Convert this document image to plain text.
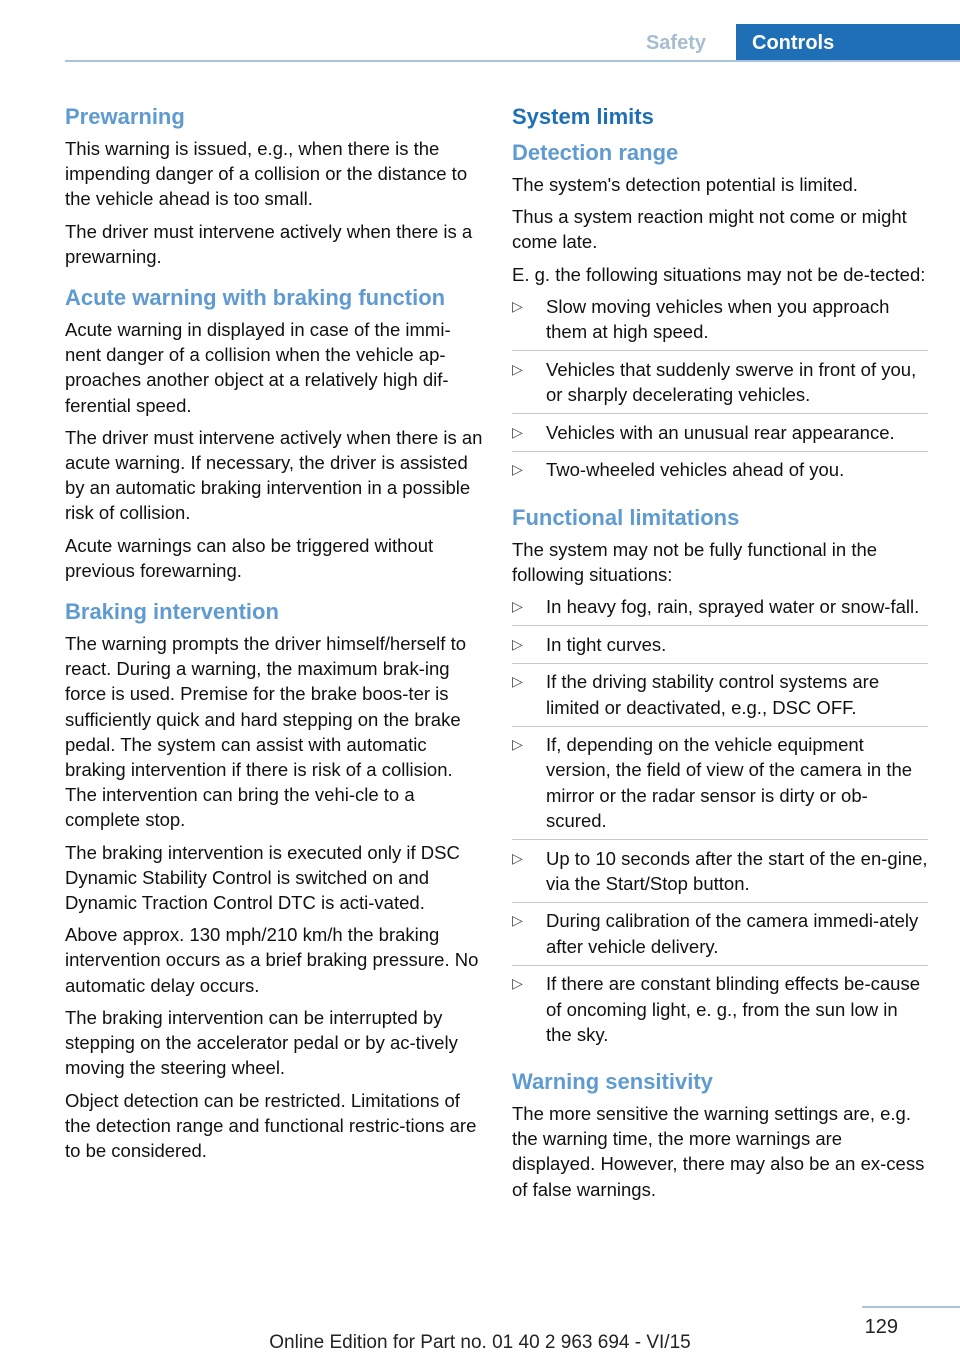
Safety	Controls
Prewarning

This warning is issued, e.g., when there is the impending danger of a collision or the distance to the vehicle ahead is too small.

The driver must intervene actively when there is a prewarning.

Acute warning with braking function

Acute warning in displayed in case of the immi‐nent danger of a collision when the vehicle ap‐proaches another object at a relatively high dif‐ferential speed.

The driver must intervene actively when there is an acute warning. If necessary, the driver is assisted by an automatic braking intervention in a possible risk of collision.

Acute warnings can also be triggered without previous forewarning.

Braking intervention

The warning prompts the driver himself/herself to react. During a warning, the maximum brak‐ing force is used. Premise for the brake boos‐ter is sufficiently quick and hard stepping on the brake pedal. The system can assist with automatic braking intervention if there is risk of a collision. The intervention can bring the vehi‐cle to a complete stop.

The braking intervention is executed only if DSC Dynamic Stability Control is switched on and Dynamic Traction Control DTC is acti‐vated.

Above approx. 130 mph/210 km/h the braking intervention occurs as a brief braking pressure. No automatic delay occurs.

The braking intervention can be interrupted by stepping on the accelerator pedal or by ac‐tively moving the steering wheel.

Object detection can be restricted. Limitations of the detection range and functional restric‐tions are to be considered.

System limits
Detection range

The system's detection potential is limited.

Thus a system reaction might not come or might come late.

E. g. the following situations may not be de‐tected:

▷ Slow moving vehicles when you approach them at high speed.
▷ Vehicles that suddenly swerve in front of you, or sharply decelerating vehicles.
▷ Vehicles with an unusual rear appearance.
▷ Two-wheeled vehicles ahead of you.
Functional limitations

The system may not be fully functional in the following situations:

▷ In heavy fog, rain, sprayed water or snow‐fall.
▷ In tight curves.
▷ If the driving stability control systems are limited or deactivated, e.g., DSC OFF.
▷ If, depending on the vehicle equipment version, the field of view of the camera in the mirror or the radar sensor is dirty or ob‐scured.
▷ Up to 10 seconds after the start of the en‐gine, via the Start/Stop button.
▷ During calibration of the camera immedi‐ately after vehicle delivery.
▷ If there are constant blinding effects be‐cause of oncoming light, e. g., from the sun low in the sky.
Warning sensitivity

The more sensitive the warning settings are, e.g. the warning time, the more warnings are displayed. However, there may also be an ex‐cess of false warnings.

129
Online Edition for Part no. 01 40 2 963 694 - VI/15
